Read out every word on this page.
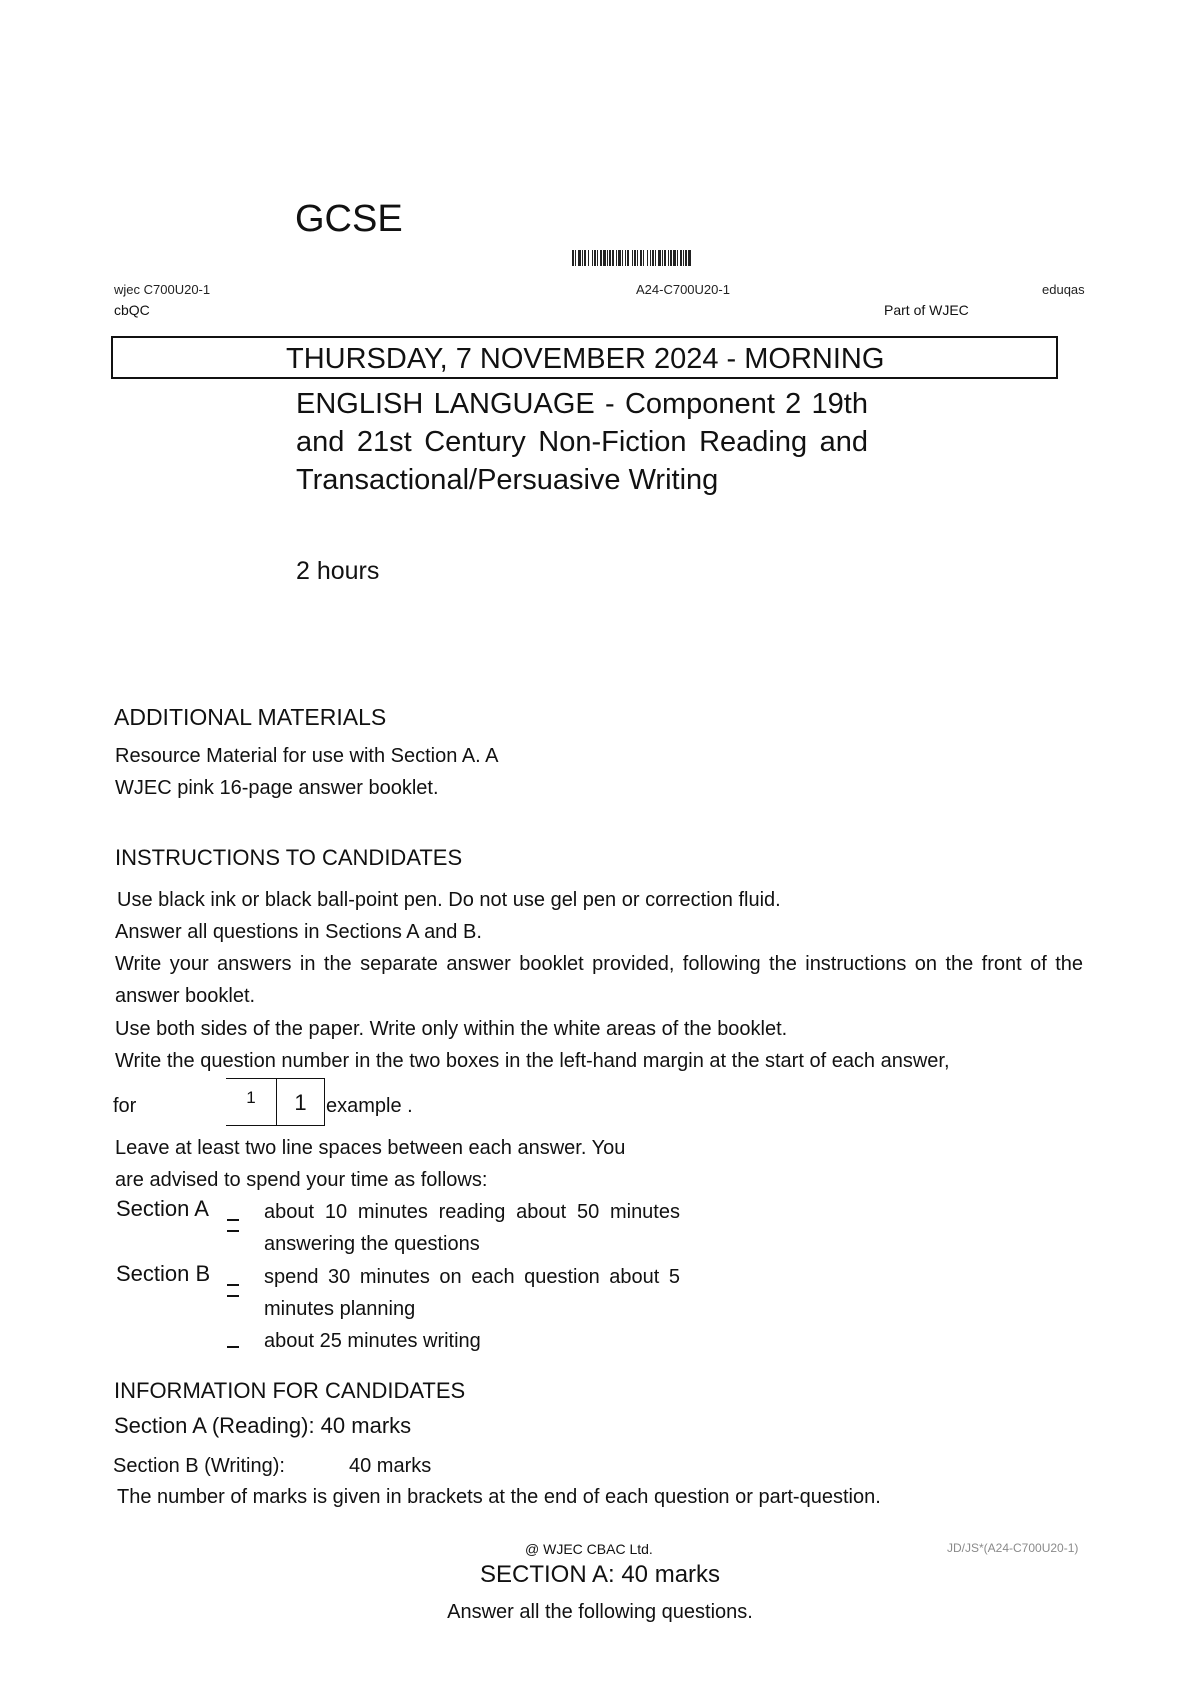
GCSE
wjec C700U20-1	A24-C700U20-1	eduqas
cbQC	Part of WJEC
THURSDAY, 7 NOVEMBER 2024 - MORNING
ENGLISH LANGUAGE - Component 2 19th and 21st Century Non-Fiction Reading and Transactional/Persuasive Writing
2 hours
ADDITIONAL MATERIALS
Resource Material for use with Section A. A
WJEC pink 16-page answer booklet.
INSTRUCTIONS TO CANDIDATES
Use black ink or black ball-point pen. Do not use gel pen or correction fluid.
Answer all questions in Sections A and B.
Write your answers in the separate answer booklet provided, following the instructions on the front of the answer booklet.
Use both sides of the paper. Write only within the white areas of the booklet.
Write the question number in the two boxes in the left-hand margin at the start of each answer,
for	1	1 example .
Leave at least two line spaces between each answer. You
are advised to spend your time as follows:
Section A	about 10 minutes reading about 50 minutes answering the questions
Section B	spend 30 minutes on each question about 5 minutes planning
about 25 minutes writing
INFORMATION FOR CANDIDATES
Section A (Reading): 40 marks
Section B (Writing):	40 marks
The number of marks is given in brackets at the end of each question or part-question.
@ WJEC CBAC Ltd.	JD/JS*(A24-C700U20-1)
SECTION A: 40 marks
Answer all the following questions.
